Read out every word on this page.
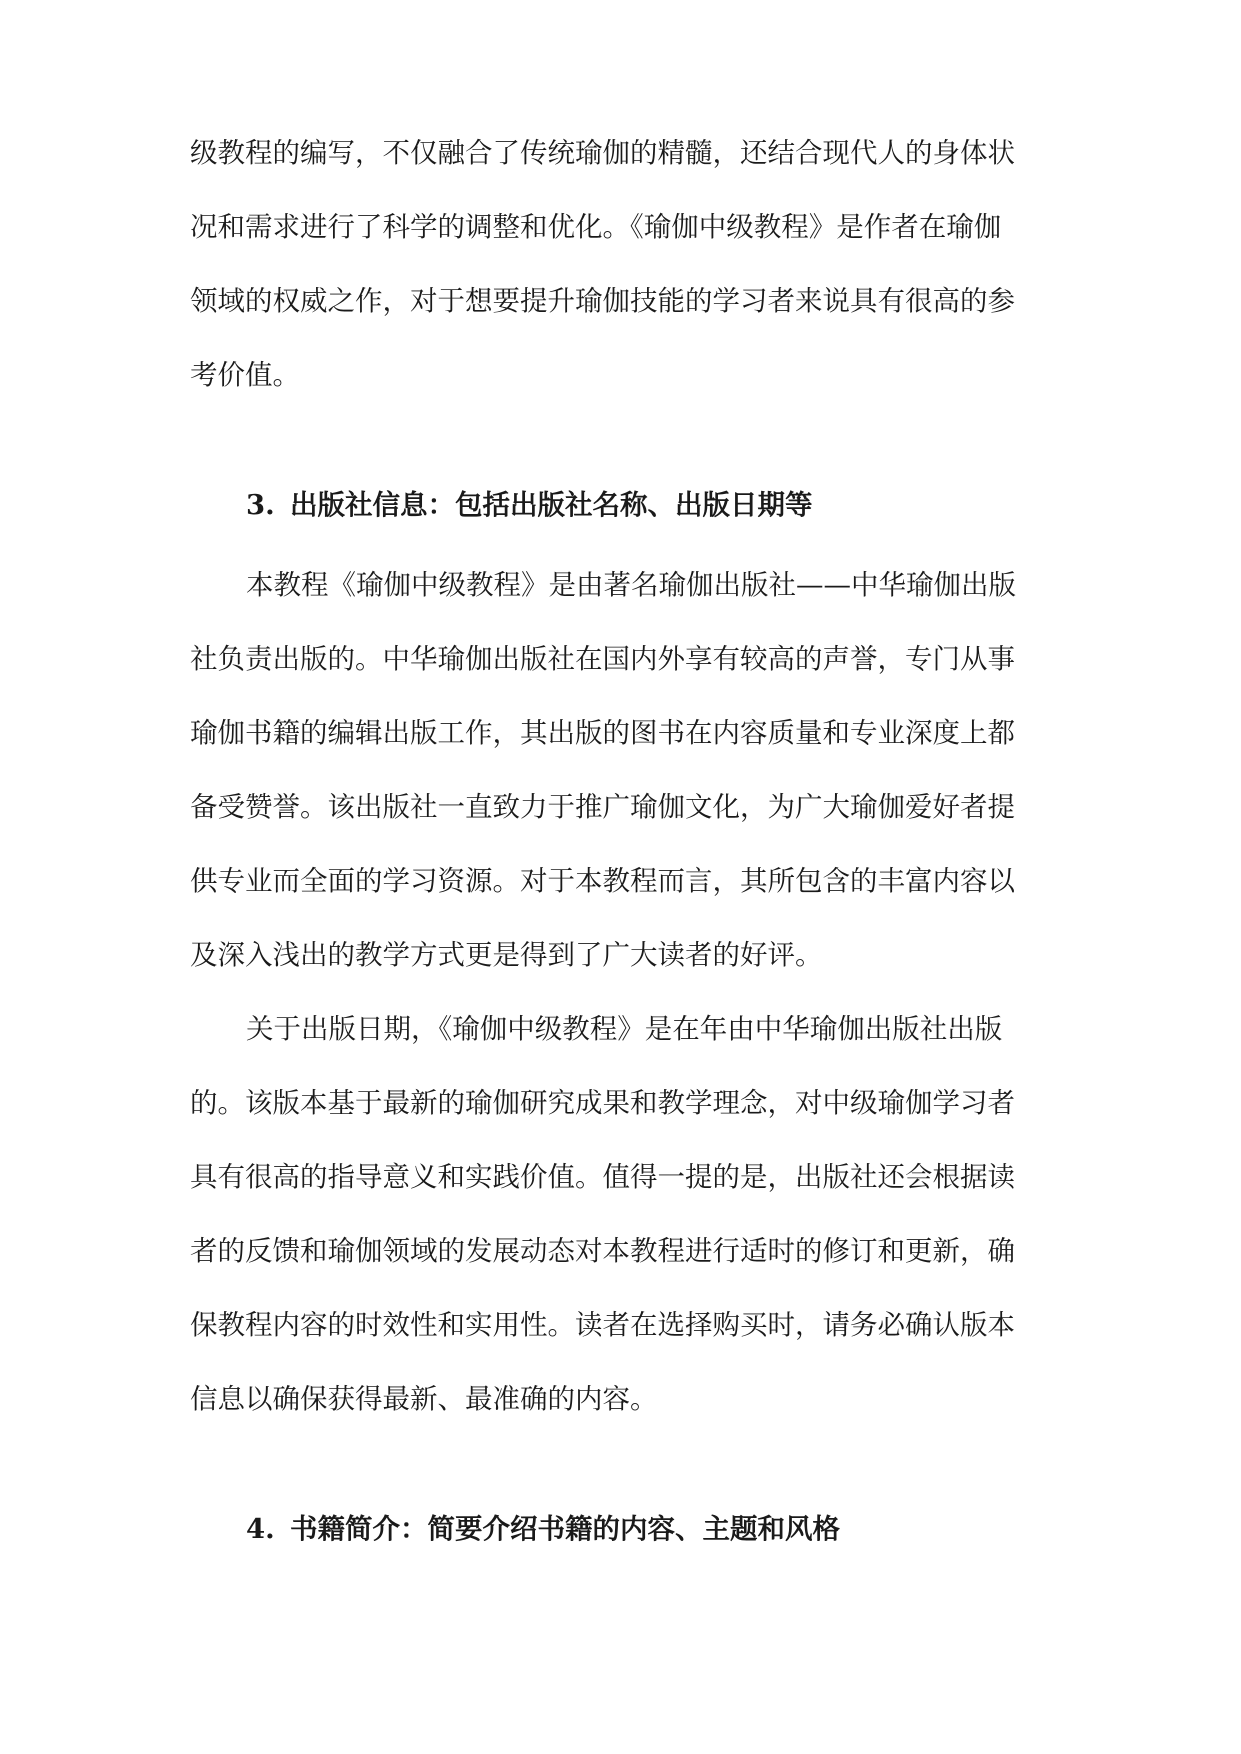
级教程的编写，不仅融合了传统瑜伽的精髓，还结合现代人的身体状
况和需求进行了科学的调整和优化。《瑜伽中级教程》是作者在瑜伽
领域的权威之作，对于想要提升瑜伽技能的学习者来说具有很高的参
考价值。
3. 出版社信息：包括出版社名称、出版日期等
本教程《瑜伽中级教程》是由著名瑜伽出版社——中华瑜伽出版
社负责出版的。中华瑜伽出版社在国内外享有较高的声誉，专门从事
瑜伽书籍的编辑出版工作，其出版的图书在内容质量和专业深度上都
备受赞誉。该出版社一直致力于推广瑜伽文化，为广大瑜伽爱好者提
供专业而全面的学习资源。对于本教程而言，其所包含的丰富内容以
及深入浅出的教学方式更是得到了广大读者的好评。
关于出版日期，《瑜伽中级教程》是在年由中华瑜伽出版社出版
的。该版本基于最新的瑜伽研究成果和教学理念，对中级瑜伽学习者
具有很高的指导意义和实践价值。值得一提的是，出版社还会根据读
者的反馈和瑜伽领域的发展动态对本教程进行适时的修订和更新，确
保教程内容的时效性和实用性。读者在选择购买时，请务必确认版本
信息以确保获得最新、最准确的内容。
4. 书籍简介：简要介绍书籍的内容、主题和风格
